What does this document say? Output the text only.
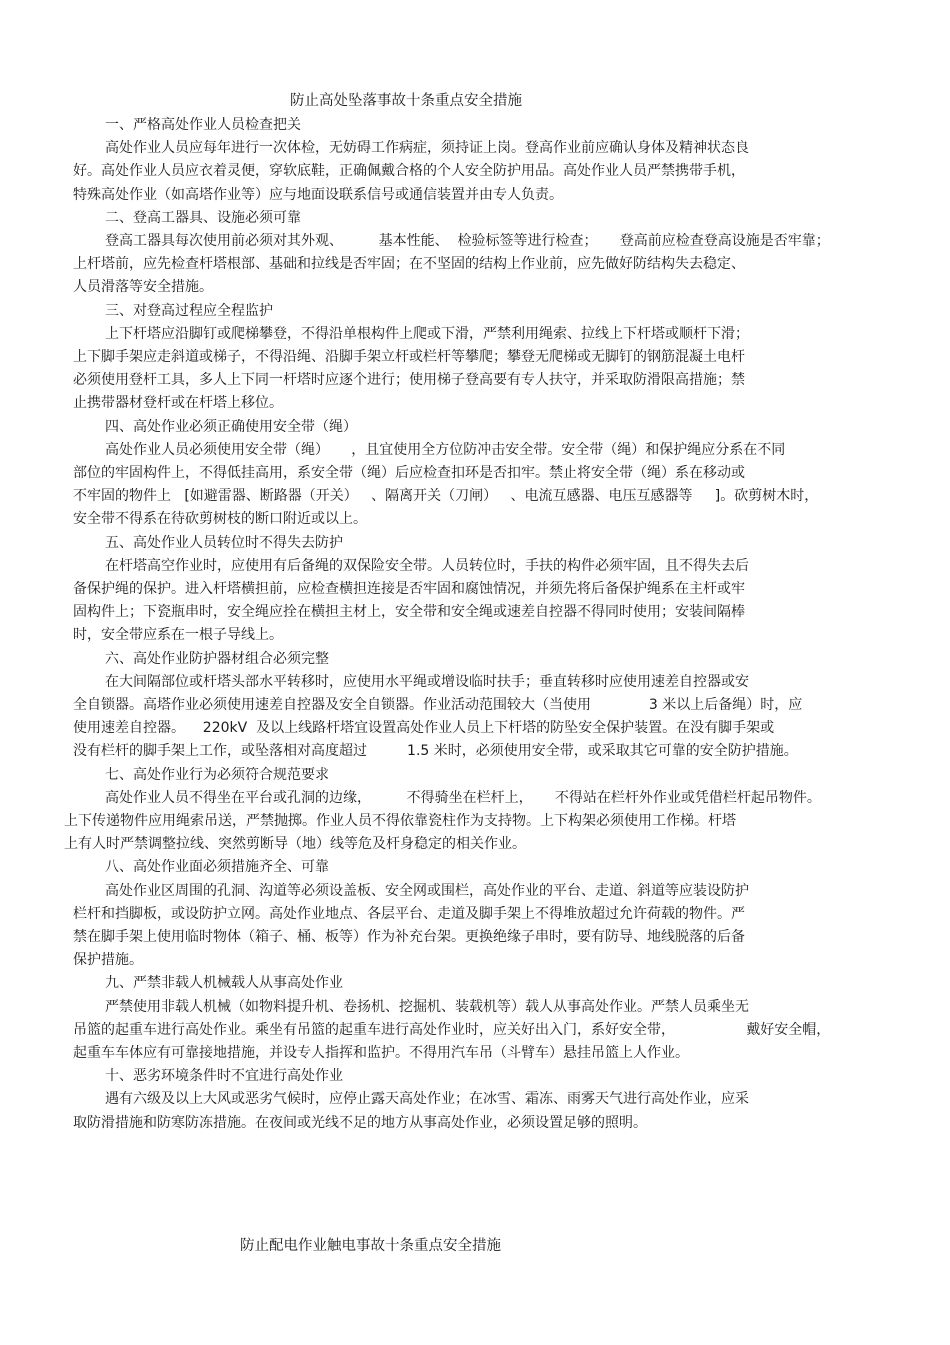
防止高处坠落事故十条重点安全措施
一、严格高处作业人员检查把关
高处作业人员应每年进行一次体检，无妨碍工作病症，须持证上岗。登高作业前应确认身体及精神状态良
好。高处作业人员应衣着灵便，穿软底鞋，正确佩戴合格的个人安全防护用品。高处作业人员严禁携带手机，
特殊高处作业（如高塔作业等）应与地面设联系信号或通信装置并由专人负责。
二、登高工器具、设施必须可靠
登高工器具每次使用前必须对其外观、        基本性能、  检验标签等进行检查；     登高前应检查登高设施是否牢靠；
上杆塔前，应先检查杆塔根部、基础和拉线是否牢固；在不坚固的结构上作业前，应先做好防结构失去稳定、
人员滑落等安全措施。
三、对登高过程应全程监护
上下杆塔应沿脚钉或爬梯攀登，不得沿单根构件上爬或下滑，严禁利用绳索、拉线上下杆塔或顺杆下滑；
上下脚手架应走斜道或梯子，不得沿绳、沿脚手架立杆或栏杆等攀爬；攀登无爬梯或无脚钉的钢筋混凝土电杆
必须使用登杆工具，多人上下同一杆塔时应逐个进行；使用梯子登高要有专人扶守，并采取防滑限高措施；禁
止携带器材登杆或在杆塔上移位。
四、高处作业必须正确使用安全带（绳）
高处作业人员必须使用安全带（绳）     ，且宜使用全方位防冲击安全带。安全带（绳）和保护绳应分系在不同
部位的牢固构件上，不得低挂高用，系安全带（绳）后应检查扣环是否扣牢。禁止将安全带（绳）系在移动或
不牢固的物件上   [如避雷器、断路器（开关）   、隔离开关（刀闸）   、电流互感器、电压互感器等     ]。砍剪树木时，
安全带不得系在待砍剪树枝的断口附近或以上。
五、高处作业人员转位时不得失去防护
在杆塔高空作业时，应使用有后备绳的双保险安全带。人员转位时，手扶的构件必须牢固，且不得失去后
备保护绳的保护。进入杆塔横担前，应检查横担连接是否牢固和腐蚀情况，并须先将后备保护绳系在主杆或牢
固构件上；下瓷瓶串时，安全绳应拴在横担主材上，安全带和安全绳或速差自控器不得同时使用；安装间隔棒
时，安全带应系在一根子导线上。
六、高处作业防护器材组合必须完整
在大间隔部位或杆塔头部水平转移时，应使用水平绳或增设临时扶手；垂直转移时应使用速差自控器或安
全自锁器。高塔作业必须使用速差自控器及安全自锁器。作业活动范围较大（当使用             3 米以上后备绳）时，应
使用速差自控器。    220kV  及以上线路杆塔宜设置高处作业人员上下杆塔的防坠安全保护装置。在没有脚手架或
没有栏杆的脚手架上工作，或坠落相对高度超过         1.5 米时，必须使用安全带，或采取其它可靠的安全防护措施。
七、高处作业行为必须符合规范要求
高处作业人员不得坐在平台或孔洞的边缘，        不得骑坐在栏杆上，     不得站在栏杆外作业或凭借栏杆起吊物件。
上下传递物件应用绳索吊送，严禁抛掷。作业人员不得依靠瓷柱作为支持物。上下构架必须使用工作梯。杆塔
上有人时严禁调整拉线、突然剪断导（地）线等危及杆身稳定的相关作业。
八、高处作业面必须措施齐全、可靠
高处作业区周围的孔洞、沟道等必须设盖板、安全网或围栏，高处作业的平台、走道、斜道等应装设防护
栏杆和挡脚板，或设防护立网。高处作业地点、各层平台、走道及脚手架上不得堆放超过允许荷载的物件。严
禁在脚手架上使用临时物体（箱子、桶、板等）作为补充台架。更换绝缘子串时，要有防导、地线脱落的后备
保护措施。
九、严禁非载人机械载人从事高处作业
严禁使用非载人机械（如物料提升机、卷扬机、挖掘机、装载机等）载人从事高处作业。严禁人员乘坐无
吊篮的起重车进行高处作业。乘坐有吊篮的起重车进行高处作业时，应关好出入门，系好安全带，                戴好安全帽，
起重车车体应有可靠接地措施，并设专人指挥和监护。不得用汽车吊（斗臂车）悬挂吊篮上人作业。
十、恶劣环境条件时不宜进行高处作业
遇有六级及以上大风或恶劣气候时，应停止露天高处作业；在冰雪、霜冻、雨雾天气进行高处作业，应采
取防滑措施和防寒防冻措施。在夜间或光线不足的地方从事高处作业，必须设置足够的照明。
防止配电作业触电事故十条重点安全措施
